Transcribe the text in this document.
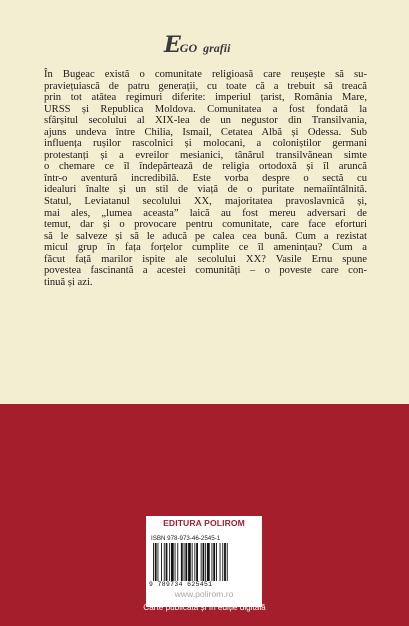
E GO grafii
În Bugeac există o comunitate religioasă care reușește să su-
praviețuiască de patru generații, cu toate că a trebuit să treacă
prin tot atâtea regimuri diferite: imperiul țarist, România Mare,
URSS și Republica Moldova. Comunitatea a fost fondată la
sfârșitul secolului al XIX-lea de un negustor din Transilvania,
ajuns undeva între Chilia, Ismail, Cetatea Albă și Odessa. Sub
influența rușilor rascolnici și molocani, a coloniștilor germani
protestanți și a evreilor mesianici, tânărul transilvănean simte
o chemare ce îl îndepărtează de religia ortodoxă și îl aruncă
într-o aventură incredibilă. Este vorba despre o sectă cu
idealuri înalte și un stil de viață de o puritate nemaiîntâlnită.
Statul, Leviatanul secolului XX, majoritatea pravoslavnică și,
mai ales, „lumea aceasta” laică au fost mereu adversari de
temut, dar și o provocare pentru comunitate, care face eforturi
să le salveze și să le aducă pe calea cea bună. Cum a rezistat
micul grup în fața forțelor cumplite ce îl amenințau? Cum a
făcut față marilor ispite ale secolului XX? Vasile Ernu spune
povestea fascinantă a acestei comunități – o poveste care con-
tinuă și azi.
EDITURA POLIROM
ISBN 978-973-46-2545-1
9 789734 625451
www.polirom.ro
Carte publicată și în ediție digitală
